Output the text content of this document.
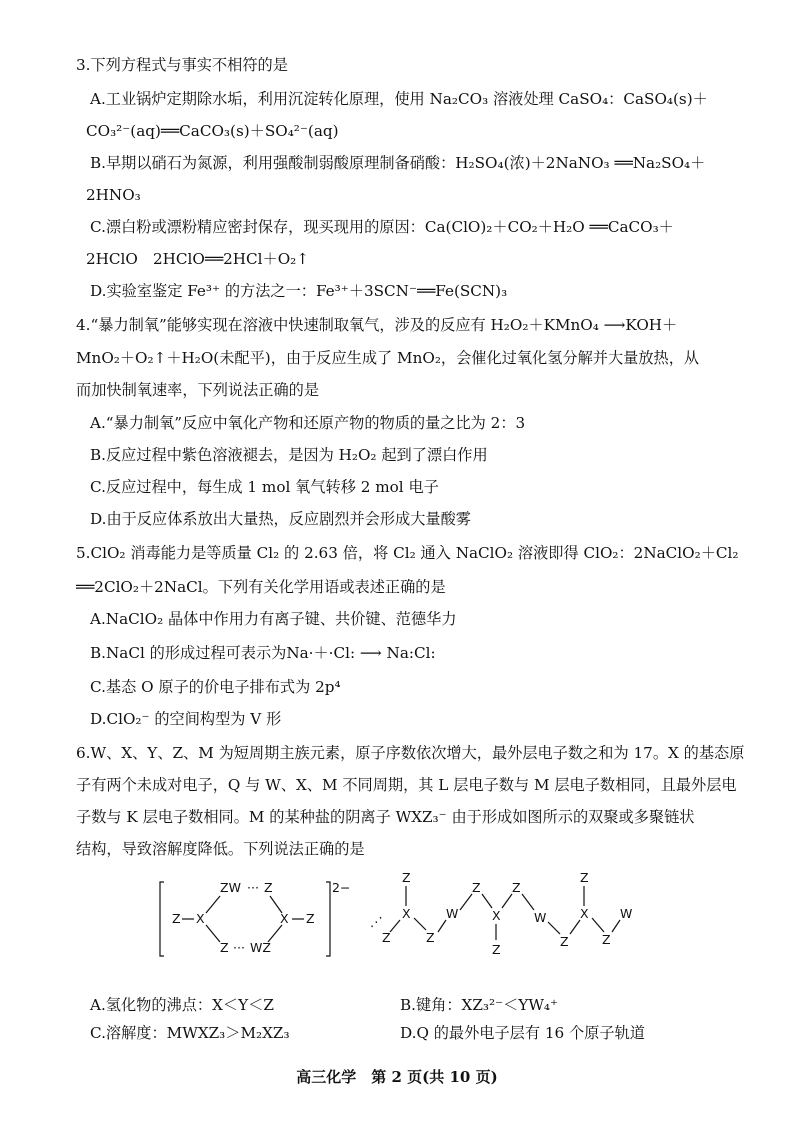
3.下列方程式与事实不相符的是
A.工业锅炉定期除水垢，利用沉淀转化原理，使用 Na₂CO₃ 溶液处理 CaSO₄：CaSO₄(s)＋
CO₃²⁻(aq)══CaCO₃(s)＋SO₄²⁻(aq)
B.早期以硝石为氮源，利用强酸制弱酸原理制备硝酸：H₂SO₄(浓)＋2NaNO₃ ══Na₂SO₄＋
2HNO₃
C.漂白粉或漂粉精应密封保存，现买现用的原因：Ca(ClO)₂＋CO₂＋H₂O ══CaCO₃＋
2HClO　2HClO══2HCl＋O₂↑
D.实验室鉴定 Fe³⁺ 的方法之一：Fe³⁺＋3SCN⁻══Fe(SCN)₃
4.“暴力制氧”能够实现在溶液中快速制取氧气，涉及的反应有 H₂O₂＋KMnO₄ ⟶KOH＋
MnO₂＋O₂↑＋H₂O(未配平)，由于反应生成了 MnO₂，会催化过氧化氢分解并大量放热，从
而加快制氧速率，下列说法正确的是
A.“暴力制氧”反应中氧化产物和还原产物的物质的量之比为 2：3
B.反应过程中紫色溶液褪去，是因为 H₂O₂ 起到了漂白作用
C.反应过程中，每生成 1 mol 氧气转移 2 mol 电子
D.由于反应体系放出大量热，反应剧烈并会形成大量酸雾
5.ClO₂ 消毒能力是等质量 Cl₂ 的 2.63 倍，将 Cl₂ 通入 NaClO₂ 溶液即得 ClO₂：2NaClO₂＋Cl₂
══2ClO₂＋2NaCl。下列有关化学用语或表述正确的是
A.NaClO₂ 晶体中作用力有离子键、共价键、范德华力
B.NaCl 的形成过程可表示为Na·＋·Cl: ⟶ Na:Cl:
C.基态 O 原子的价电子排布式为 2p⁴
D.ClO₂⁻ 的空间构型为 V 形
6.W、X、Y、Z、M 为短周期主族元素，原子序数依次增大，最外层电子数之和为 17。X 的基态原
子有两个未成对电子，Q 与 W、X、M 不同周期，其 L 层电子数与 M 层电子数相同，且最外层电
子数与 K 层电子数相同。M 的某种盐的阴离子 WXZ₃⁻ 由于形成如图所示的双聚或多聚链状
结构，导致溶解度降低。下列说法正确的是
2−
Z X
ZW ··· Z
Z ··· WZ
X Z	⋰
Z
X
Z
Z
W
Z
X
Z
Z
W
Z
X
Z
Z
W
A.氢化物的沸点：X＜Y＜Z	B.键角：XZ₃²⁻＜YW₄⁺
C.溶解度：MWXZ₃＞M₂XZ₃	D.Q 的最外电子层有 16 个原子轨道
高三化学　第 2 页(共 10 页)
